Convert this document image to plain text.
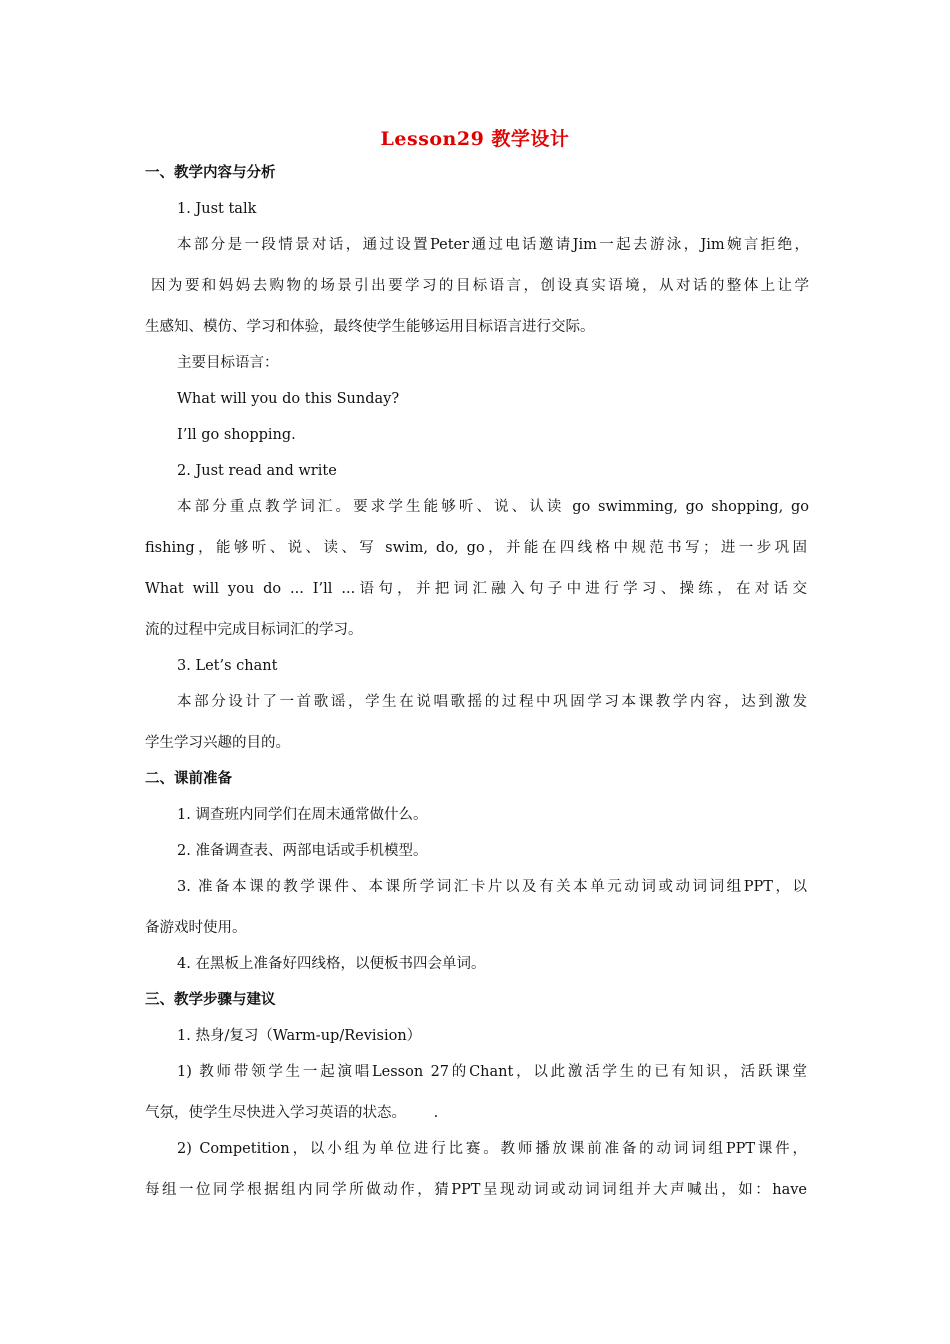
Lesson29 教学设计
一、教学内容与分析
1. Just talk
本部分是一段情景对话，通过设置Peter通过电话邀请Jim一起去游泳，Jim婉言拒绝，
因为要和妈妈去购物的场景引出要学习的目标语言，创设真实语境，从对话的整体上让学
生感知、模仿、学习和体验，最终使学生能够运用目标语言进行交际。
主要目标语言：
What will you do this Sunday?
I’ll go shopping.
2. Just read and write
本部分重点教学词汇。要求学生能够听、说、认读 go swimming, go shopping, go
fishing，能够听、说、读、写 swim, do, go，并能在四线格中规范书写；进一步巩固
What will you do ... I’ll ...语句，并把词汇融入句子中进行学习、操练，在对话交
流的过程中完成目标词汇的学习。
3. Let’s chant
本部分设计了一首歌谣，学生在说唱歌摇的过程中巩固学习本课教学内容，达到激发
学生学习兴趣的目的。
二、课前准备
1. 调查班内同学们在周末通常做什么。
2. 准备调查表、两部电话或手机模型。
3. 准备本课的教学课件、本课所学词汇卡片以及有关本单元动词或动词词组PPT，以
备游戏时使用。
4. 在黑板上准备好四线格，以便板书四会单词。
三、教学步骤与建议
1. 热身/复习（Warm-up/Revision）
1) 教师带领学生一起演唱Lesson 27的Chant，以此激活学生的已有知识，活跃课堂
气氛，使学生尽快进入学习英语的状态。      .
2) Competition，以小组为单位进行比赛。教师播放课前准备的动词词组PPT课件，
每组一位同学根据组内同学所做动作，猜PPT呈现动词或动词词组并大声喊出，如：have
